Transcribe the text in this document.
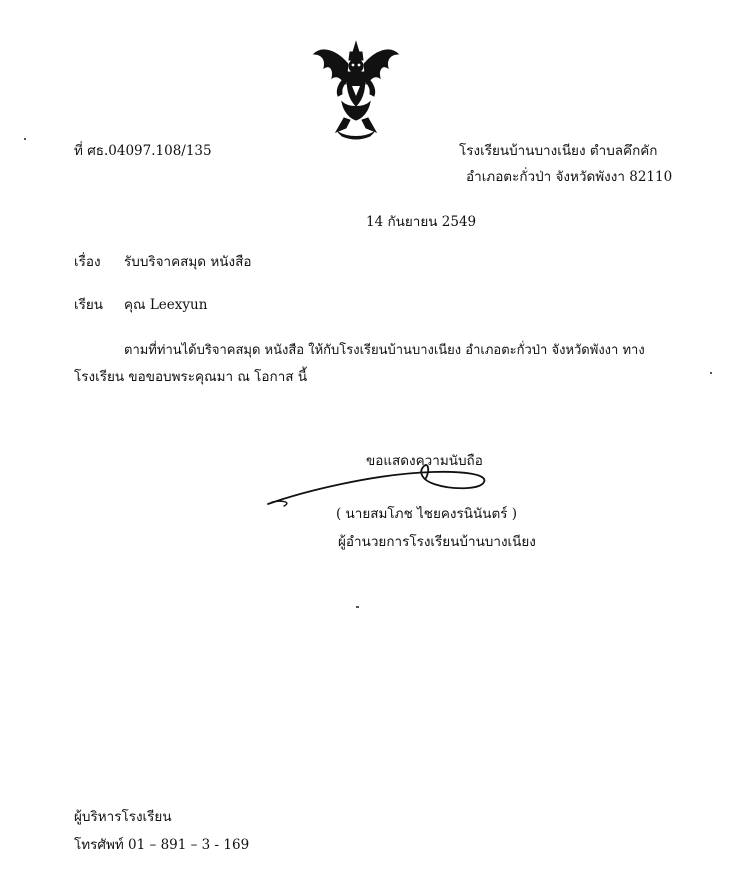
ที่ ศธ.04097.108/135	โรงเรียนบ้านบางเนียง ตำบลคึกคัก
อำเภอตะกั่วป่า จังหวัดพังงา 82110
14 กันยายน 2549
เรื่อง รับบริจาคสมุด หนังสือ
เรียน คุณ Leexyun
ตามที่ท่านได้บริจาคสมุด หนังสือ ให้กับโรงเรียนบ้านบางเนียง อำเภอตะกั่วป่า จังหวัดพังงา ทาง
โรงเรียน ขอขอบพระคุณมา ณ โอกาส นี้
ขอแสดงความนับถือ
( นายสมโภช ไชยคงรนินันตร์ )
ผู้อำนวยการโรงเรียนบ้านบางเนียง
ผู้บริหารโรงเรียน
โทรศัพท์ 01 – 891 – 3 - 169
